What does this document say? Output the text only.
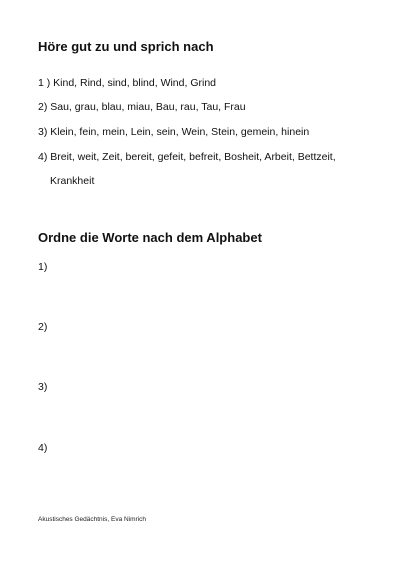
Höre gut zu und sprich nach
1 ) Kind, Rind, sind, blind, Wind, Grind
2) Sau, grau, blau, miau, Bau, rau, Tau, Frau
3) Klein, fein, mein, Lein, sein, Wein, Stein, gemein, hinein
4) Breit, weit, Zeit, bereit, gefeit, befreit, Bosheit, Arbeit, Bettzeit,
Krankheit
Ordne die Worte nach dem Alphabet
1)
2)
3)
4)
Akustisches Gedächtnis, Eva Nimrich
